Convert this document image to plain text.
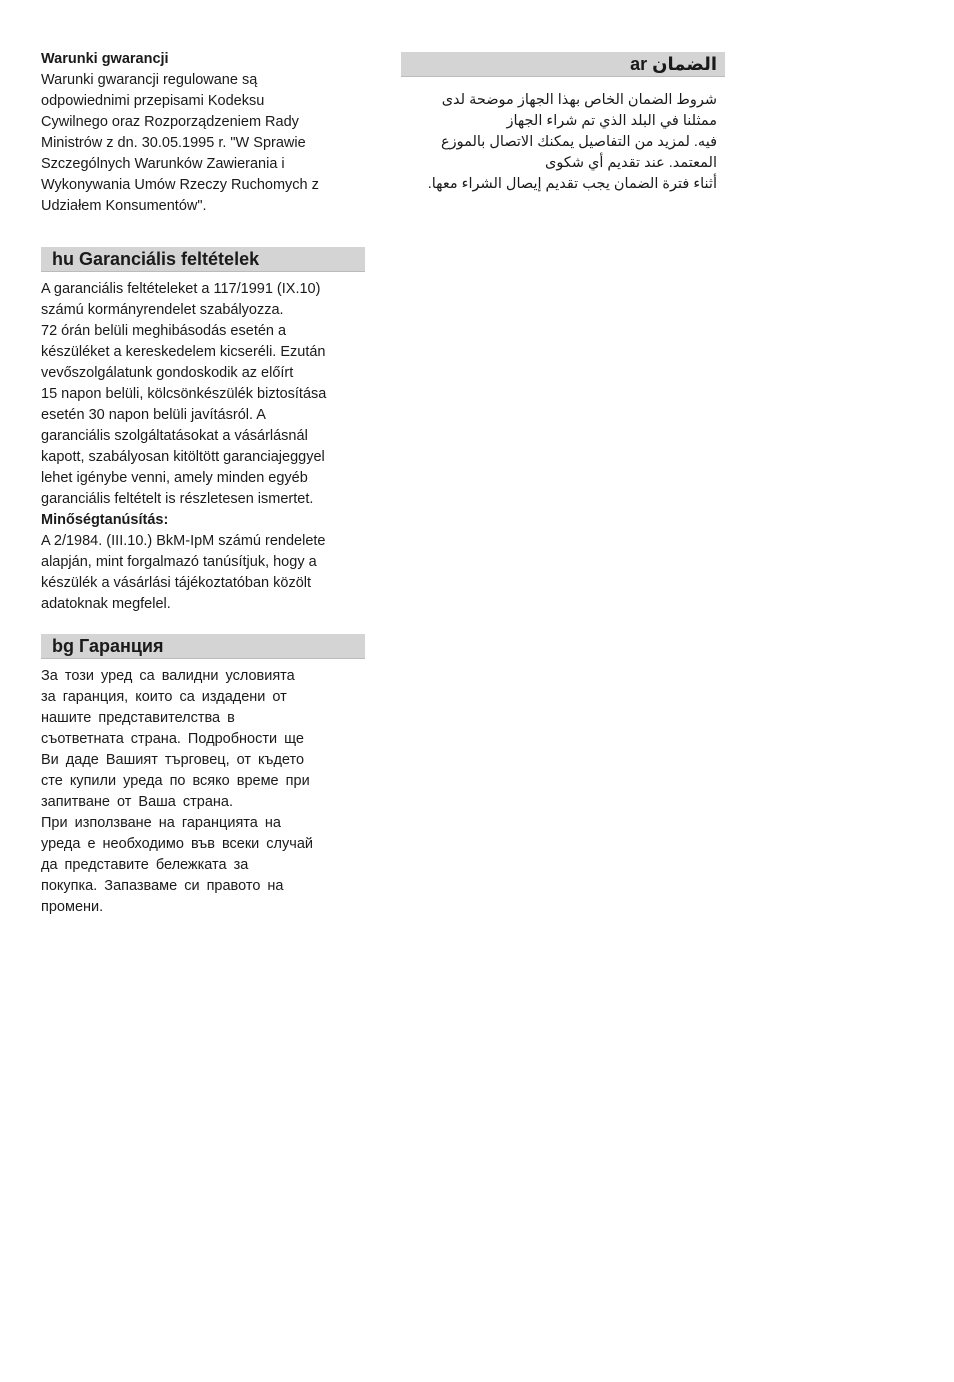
Warunki gwarancji

Warunki gwarancji regulowane są
odpowiednimi przepisami Kodeksu
Cywilnego oraz Rozporządzeniem Rady
Ministrów z dn. 30.05.1995 r. "W Sprawie
Szczególnych Warunków Zawierania i
Wykonywania Umów Rzeczy Ruchomych z
Udziałem Konsumentów".

hu Garanciális feltételek
A garanciális feltételeket a 117/1991 (IX.10)
számú kormányrendelet szabályozza.
72 órán belüli meghibásodás esetén a
készüléket a kereskedelem kicseréli. Ezután
vevőszolgálatunk gondoskodik az előírt
15 napon belüli, kölcsönkészülék biztosítása
esetén 30 napon belüli javításról. A
garanciális szolgáltatásokat a vásárlásnál
kapott, szabályosan kitöltött garanciajeggyel
lehet igénybe venni, amely minden egyéb
garanciális feltételt is részletesen ismertet.
Minőségtanúsítás:
A 2/1984. (III.10.) BkM-IpM számú rendelete
alapján, mint forgalmazó tanúsítjuk, hogy a
készülék a vásárlási tájékoztatóban közölt
adatoknak megfelel.
bg Гаранция
За този уред са валидни условията
за гаранция, които са издадени от
нашите представителства в
съответната страна. Подробности ще
Ви даде Вашият търговец, от където
сте купили уреда по всяко време при
запитване от Ваша страна.
При използване на гаранцията на
уреда е необходимо във всеки случай
да представите бележката за
покупка. Запазваме си правото на
промени.
الضمان ar
شروط الضمان الخاص بهذا الجهاز موضحة لدى
ممثلنا في البلد الذي تم شراء الجهاز
فيه. لمزيد من التفاصيل يمكنك الاتصال بالموزع
المعتمد. عند تقديم أي شكوى
أثناء فترة الضمان يجب تقديم إيصال الشراء معها.
